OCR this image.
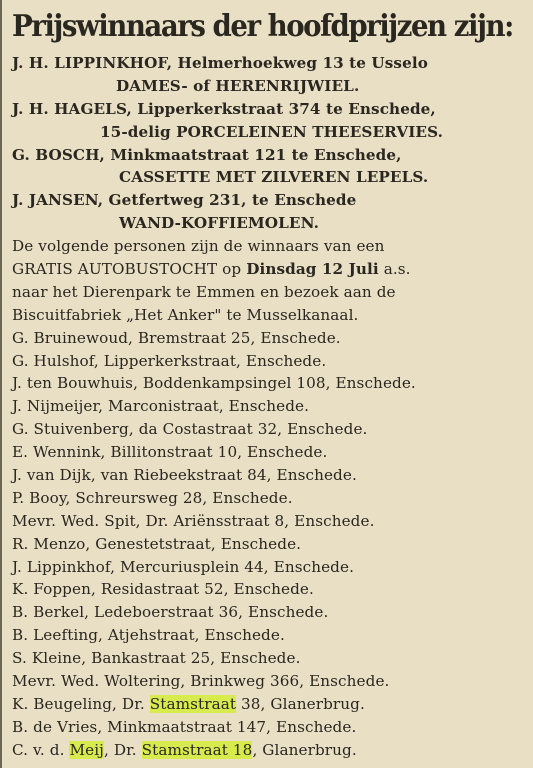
Prijswinnaars der hoofdprijzen zijn:
J. H. LIPPINKHOF, Helmerhoekweg 13 te Usselo
DAMES- of HERENRIJWIEL.
J. H. HAGELS, Lipperkerkstraat 374 te Enschede,
15-delig PORCELEINEN THEESERVIES.
G. BOSCH, Minkmaatstraat 121 te Enschede,
CASSETTE MET ZILVEREN LEPELS.
J. JANSEN, Getfertweg 231, te Enschede
WAND-KOFFIEMOLEN.
De volgende personen zijn de winnaars van een
GRATIS AUTOBUSTOCHT op Dinsdag 12 Juli a.s.
naar het Dierenpark te Emmen en bezoek aan de
Biscuitfabriek „Het Anker" te Musselkanaal.
G. Bruinewoud, Bremstraat 25, Enschede.
G. Hulshof, Lipperkerkstraat, Enschede.
J. ten Bouwhuis, Boddenkampsingel 108, Enschede.
J. Nijmeijer, Marconistraat, Enschede.
G. Stuivenberg, da Costastraat 32, Enschede.
E. Wennink, Billitonstraat 10, Enschede.
J. van Dijk, van Riebeekstraat 84, Enschede.
P. Booy, Schreursweg 28, Enschede.
Mevr. Wed. Spit, Dr. Ariënsstraat 8, Enschede.
R. Menzo, Genestetstraat, Enschede.
J. Lippinkhof, Mercuriusplein 44, Enschede.
K. Foppen, Residastraat 52, Enschede.
B. Berkel, Ledeboerstraat 36, Enschede.
B. Leefting, Atjehstraat, Enschede.
S. Kleine, Bankastraat 25, Enschede.
Mevr. Wed. Woltering, Brinkweg 366, Enschede.
K. Beugeling, Dr. Stamstraat 38, Glanerbrug.
B. de Vries, Minkmaatstraat 147, Enschede.
C. v. d. Meij, Dr. Stamstraat 18, Glanerbrug.
